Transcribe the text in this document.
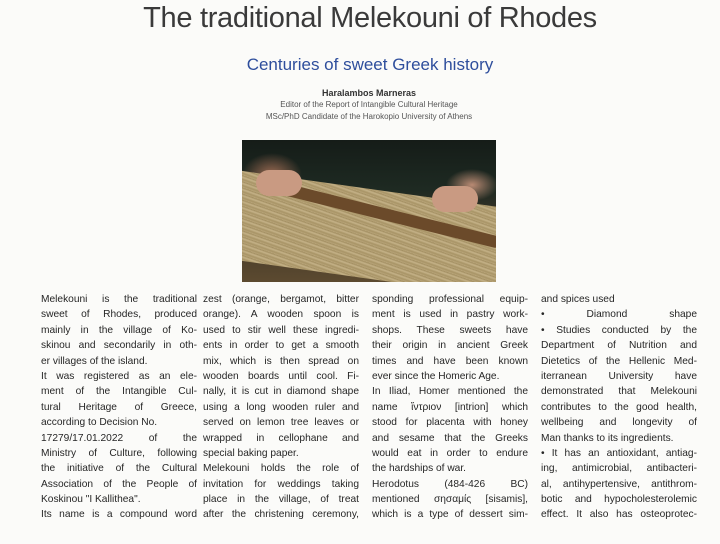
The traditional Melekouni of Rhodes
Centuries of sweet Greek history
Haralambos Marneras
Editor of the Report of Intangible Cultural Heritage
MSc/PhD Candidate of the Harokopio University of Athens
Melekouni is the traditional
sweet of Rhodes, produced
mainly in the village of Ko-
skinou and secondarily in oth-
er villages of the island.
It was registered as an ele-
ment of the Intangible Cul-
tural Heritage of Greece,
according to Decision No.
17279/17.01.2022 of the
Ministry of Culture, following
the initiative of the Cultural
Association of the People of
Koskinou "I Kallithea".
Its name is a compound word
zest (orange, bergamot, bitter
orange). A wooden spoon is
used to stir well these ingredi-
ents in order to get a smooth
mix, which is then spread on
wooden boards until cool. Fi-
nally, it is cut in diamond shape
using a long wooden ruler and
served on lemon tree leaves or
wrapped in cellophane and
special baking paper.
Melekouni holds the role of
invitation for weddings taking
place in the village, of treat
after the christening ceremony,
sponding professional equip-
ment is used in pastry work-
shops. These sweets have
their origin in ancient Greek
times and have been known
ever since the Homeric Age.
In Iliad, Homer mentioned the
name ἴντριον [intrion] which
stood for placenta with honey
and sesame that the Greeks
would eat in order to endure
the hardships of war.
Herodotus (484-426 BC)
mentioned σησαμίς [sisamis],
which is a type of dessert sim-
and spices used
• Diamond shape
• Studies conducted by the
Department of Nutrition and
Dietetics of the Hellenic Med-
iterranean University have
demonstrated that Melekouni
contributes to the good health,
wellbeing and longevity of
Man thanks to its ingredients.
• It has an antioxidant, antiag-
ing, antimicrobial, antibacteri-
al, antihypertensive, antithrom-
botic and hypocholesterolemic
effect. It also has osteoprotec-
